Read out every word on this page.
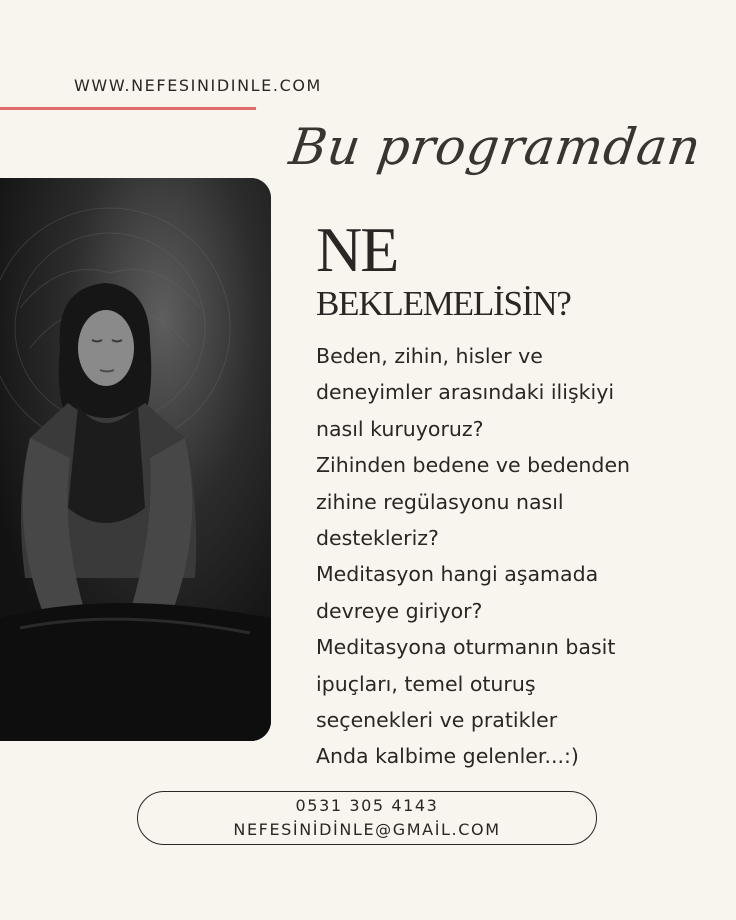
WWW.NEFESINIDINLE.COM
Bu programdan
NE
BEKLEMELİSİN?
Beden, zihin, hisler ve
deneyimler arasındaki ilişkiyi
nasıl kuruyoruz?
Zihinden bedene ve bedenden
zihine regülasyonu nasıl
destekleriz?
Meditasyon hangi aşamada
devreye giriyor?
Meditasyona oturmanın basit
ipuçları, temel oturuş
seçenekleri ve pratikler
Anda kalbime gelenler...:)
0531 305 4143
NEFESİNİDİNLE@GMAİL.COM
